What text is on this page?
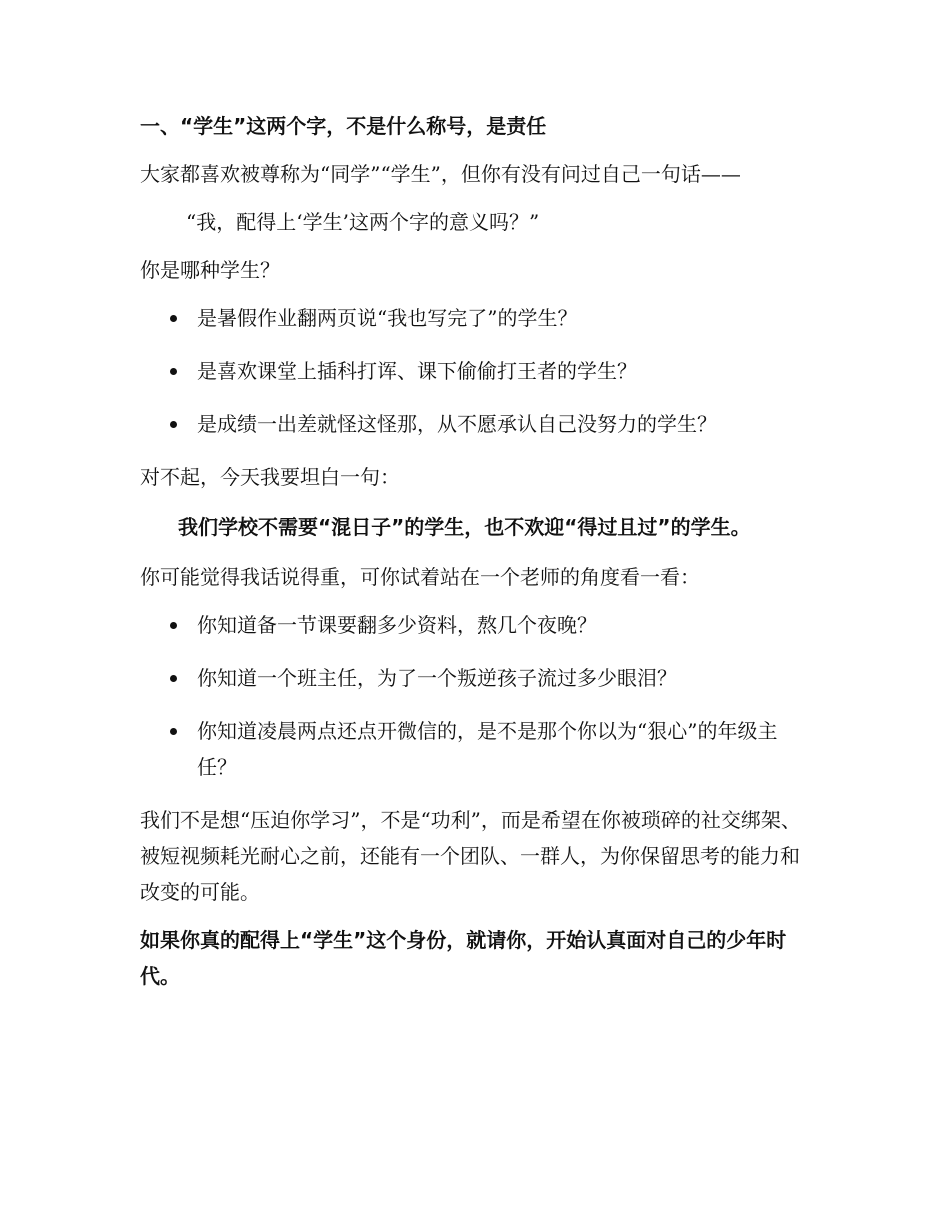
一、“学生”这两个字，不是什么称号，是责任
大家都喜欢被尊称为“同学”“学生”，但你有没有问过自己一句话——
“我，配得上‘学生’这两个字的意义吗？”
你是哪种学生？
是暑假作业翻两页说“我也写完了”的学生？
是喜欢课堂上插科打诨、课下偷偷打王者的学生？
是成绩一出差就怪这怪那，从不愿承认自己没努力的学生？
对不起，今天我要坦白一句：
我们学校不需要“混日子”的学生，也不欢迎“得过且过”的学生。
你可能觉得我话说得重，可你试着站在一个老师的角度看一看：
你知道备一节课要翻多少资料，熬几个夜晚？
你知道一个班主任，为了一个叛逆孩子流过多少眼泪？
你知道凌晨两点还点开微信的，是不是那个你以为“狠心”的年级主任？
我们不是想“压迫你学习”，不是“功利”，而是希望在你被琐碎的社交绑架、被短视频耗光耐心之前，还能有一个团队、一群人，为你保留思考的能力和改变的可能。
如果你真的配得上“学生”这个身份，就请你，开始认真面对自己的少年时代。
